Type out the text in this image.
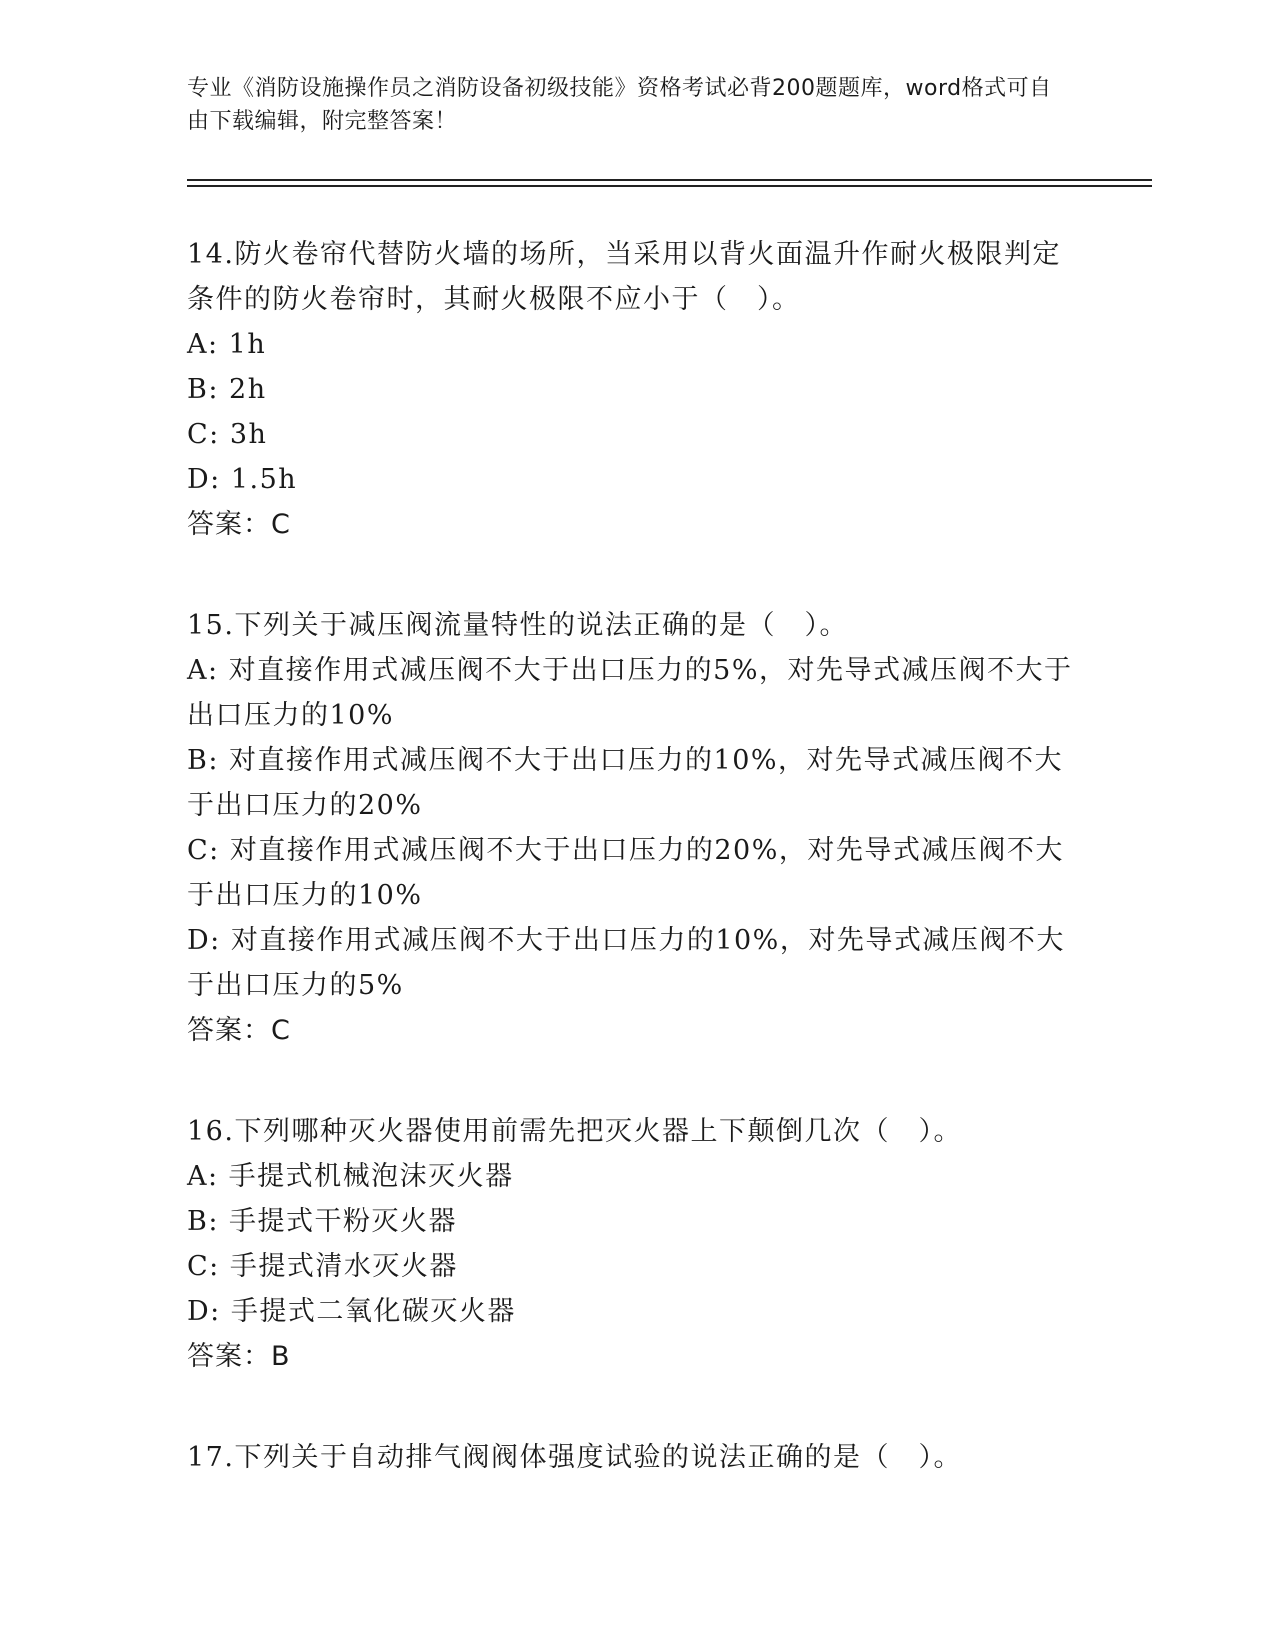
专业《消防设施操作员之消防设备初级技能》资格考试必背200题题库，word格式可自由下载编辑，附完整答案！

14.防火卷帘代替防火墙的场所，当采用以背火面温升作耐火极限判定条件的防火卷帘时，其耐火极限不应小于（　）。

A: 1h

B: 2h

C: 3h

D: 1.5h

答案：C

15.下列关于减压阀流量特性的说法正确的是（　）。

A: 对直接作用式减压阀不大于出口压力的5%，对先导式减压阀不大于出口压力的10%

B: 对直接作用式减压阀不大于出口压力的10%，对先导式减压阀不大于出口压力的20%

C: 对直接作用式减压阀不大于出口压力的20%，对先导式减压阀不大于出口压力的10%

D: 对直接作用式减压阀不大于出口压力的10%，对先导式减压阀不大于出口压力的5%

答案：C

16.下列哪种灭火器使用前需先把灭火器上下颠倒几次（　）。

A: 手提式机械泡沫灭火器

B: 手提式干粉灭火器

C: 手提式清水灭火器

D: 手提式二氧化碳灭火器

答案：B

17.下列关于自动排气阀阀体强度试验的说法正确的是（　）。
